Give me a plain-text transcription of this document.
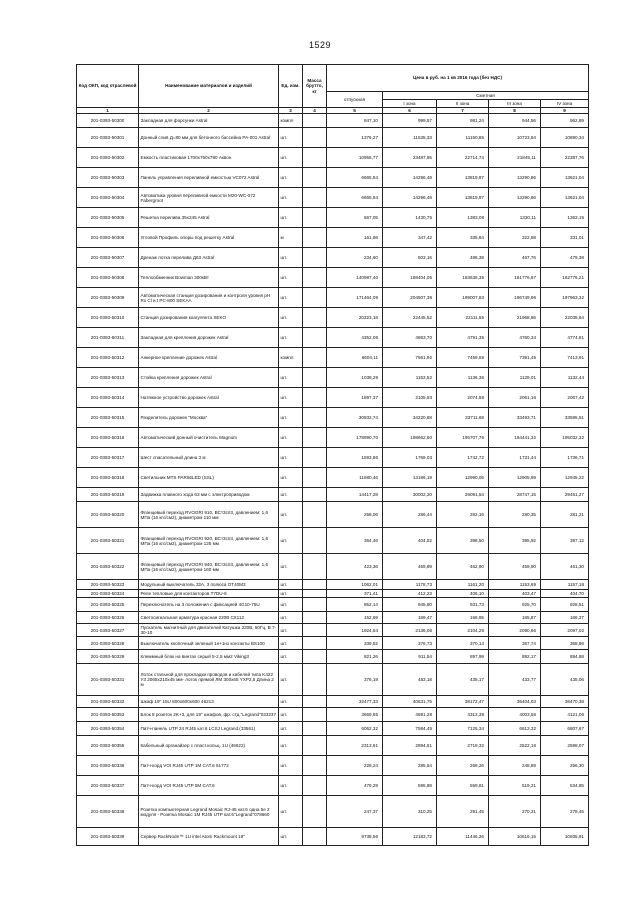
1529
Код ОКП, код отраслевой	Наименование материалов и изделий	Ед. изм.	Масса брутто, кг	Цена в руб. на 1 кв 2016 года (без НДС)				
				отпускная	Сметная			
					I зона	II зона	III зона	IV зона
1	2	3	4	5	6	7	8	9
201-0393-50300	Закладная для форсунки Astral	компл		847,10	999,57	981,24	944,56	962,89
201-0393-50301	Донный слив Д=80 мм для бетонного бассейна PA-001 Astral	шт.		1376,27	11535,33	11150,85	10723,94	10890,34
201-0393-50302	Емкость пластиковая 1700х750х780 Аквон	шт.		10955,77	23487,95	22714,74	21845,11	22387,76
201-0393-50303	Панель управления переливной емкостью VC072 Astral	шт.		6665,84	14296,48	13819,97	13290,86	13621,04
201-0393-50304	Автоматика уровня переливной емкости M20-WC-072 Fabergroot	шт.		6665,84	14296,48	13819,97	13290,86	13621,04
201-0393-50305	Решетка переливa 35x245 Astral	шт.		667,05	1430,75	1383,08	1330,11	1363,15
201-0393-50306	Угловой Профиль опоры под решетку Astral	м		161,98	347,42	335,84	322,98	331,01
201-0393-50307	Дренаж лотка перелива Д63 Astral	шт.		234,60	503,16	486,39	467,76	479,38
201-0393-50308	Теплообменник Bowman 300кВт	шт.		140987,40	168404,05	163635,35	161776,87	162776,21
201-0393-50309	Автоматическая станция дозирования и контроля уровня pH Rx Cl и t PC-800 SEKAA	шт.		171464,09	204507,38	199007,83	196749,96	197963,32
201-0393-50310	Станция дозирования коагулянта SEKO	шт.		20223,18	22445,52	22111,55	21968,86	22035,64
201-0393-50311	Закладная для крепления дорожек Astral	шт.		4352,08	4863,70	4791,35	4760,34	4774,81
201-0393-50312	Анкерное крепление дорожек Astral	компл		6604,11	7561,92	7459,59	7391,45	7413,91
201-0393-50313	Стойка крепления дорожек Astral	шт.		1038,29	1153,52	1136,36	1129,01	1132,44
201-0393-50314	Натяжное устройство дорожек Astral	шт.		1897,37	2105,93	2074,58	2061,16	2067,42
201-0393-50315	Разделитель дорожек "Москва"	шт.		30832,74	34220,88	33711,69	33493,71	33595,51
201-0393-50316	Автоматический донный очиститель Magnum	шт.		178990,70	198662,60	195707,76	194441,32	195032,32
201-0393-50317	Шест спасательный длина 3 м	шт.		1593,86	1769,03	1742,72	1731,44	1736,71
201-0393-50318	Светильник MTS PAR56LED (SSL)	шт.		11680,46	13186,19	12990,05	12905,99	12945,22
201-0393-50319	Задвижка плавного хода 63 мм с электроприводом	шт.		14417,28	30002,20	29091,54	28747,15	29461,27
201-0393-50320	Фланцевый переход RVOGRI 910, BCт3сп3, давлением: 1,6 МПа (16 кгс/см2), диаметром 110 мм	шт.		258,06	286,44	282,16	280,35	281,21
201-0393-50321	Фланцевый переход RVOGRI 920, BCт3сп3, давлением: 1,6 МПа (16 кгс/см2), диаметром 125 мм	шт.		364,46	404,52	398,50	395,92	397,12
201-0393-50322	Фланцевый переход RVOGRI 940, BCт3сп3, давлением: 1,6 МПа (16 кгс/см2), диаметром 160 мм	шт.		423,36	469,89	462,90	459,90	461,30
201-0393-50323	Модульный выключатель 32А, 3 полюса ОТ40М3	шт.		1062,01	1178,73	1161,20	1153,69	1157,18
201-0393-50324	Реле тепловые для контакторов T7DU-6	шт.		371,41	412,23	406,10	403,47	404,70
201-0393-50325	Переключатель на 3 положения с фиксацией 4G10-75U	шт.		852,14	945,80	931,73	925,70	928,51
201-0393-50326	Светосигнальная арматура красная 220В СХ112	шт.		152,69	169,47	166,95	165,87	166,37
201-0393-50327	Пускатель магнитный для двигателей Катушка 220В, 50Гц, B 7-30-10	шт.		1924,54	2136,05	2104,29	2090,66	2097,02
201-0393-50328	Выключатель кнопочный зеленый 1н+1нз контакты BS100	шт.		339,52	376,73	370,14	367,74	368,86
201-0393-50329	Клеммный блок на винтах серый 5-2,5 мм2 Viking3	шт.		821,26	911,54	897,99	892,17	894,88
201-0393-50331	Лоток стальной для прокладки проводов и кабелей типа K422 У3 2065x210x45 мм- лоток прямой ЛМ 300x65 YXP2,5 Длина 2 м	шт.		376,19	483,18	435,17	433,77	435,06
201-0393-50332	Шкаф 19" 15U 800x600x600 46213	шт.		32477,33	40631,75	38172,47	35404,03	38470,38
201-0393-50353	Блок 8 розеток 2K+3, для 19" шкафов, фр. стд."Legrand"033237	шт.		3669,85	4591,28	4313,39	4003,56	4121,06
201-0393-50354	Патч-панель UTP 24 RJ45 кат.6 LCSJ Legrand (33561)	шт.		6062,32	7584,45	7125,34	6613,32	6807,67
201-0393-50355	Кабельный органайзер с пласт.кольц. 1U (46622)	шт.		2313,61	2894,51	2719,32	2522,16	2598,07
201-0393-50336	Патч-корд VOI RJ45 UTP 1M CAT.6 51772	шт.		228,24	285,54	268,26	248,89	256,30
201-0393-50337	Патч-корд VOI RJ45 UTP 5M CAT.6	шт.		476,29	595,88	559,81	519,21	534,85
201-0393-50338	Розетка компьютерная Legrand Mosaic RJ-45 кат.6 одна 5e 2 модуля - Розетка Mosaic 1M RJ45 UTP кат.6"Legrand"078660	шт.		247,37	310,25	291,45	270,31	278,45
201-0393-50339	Сервер RackNode™ 1U intel Atom Rackmount 19"	шт.		9738,56	12183,72	11446,26	10616,15	10935,91
